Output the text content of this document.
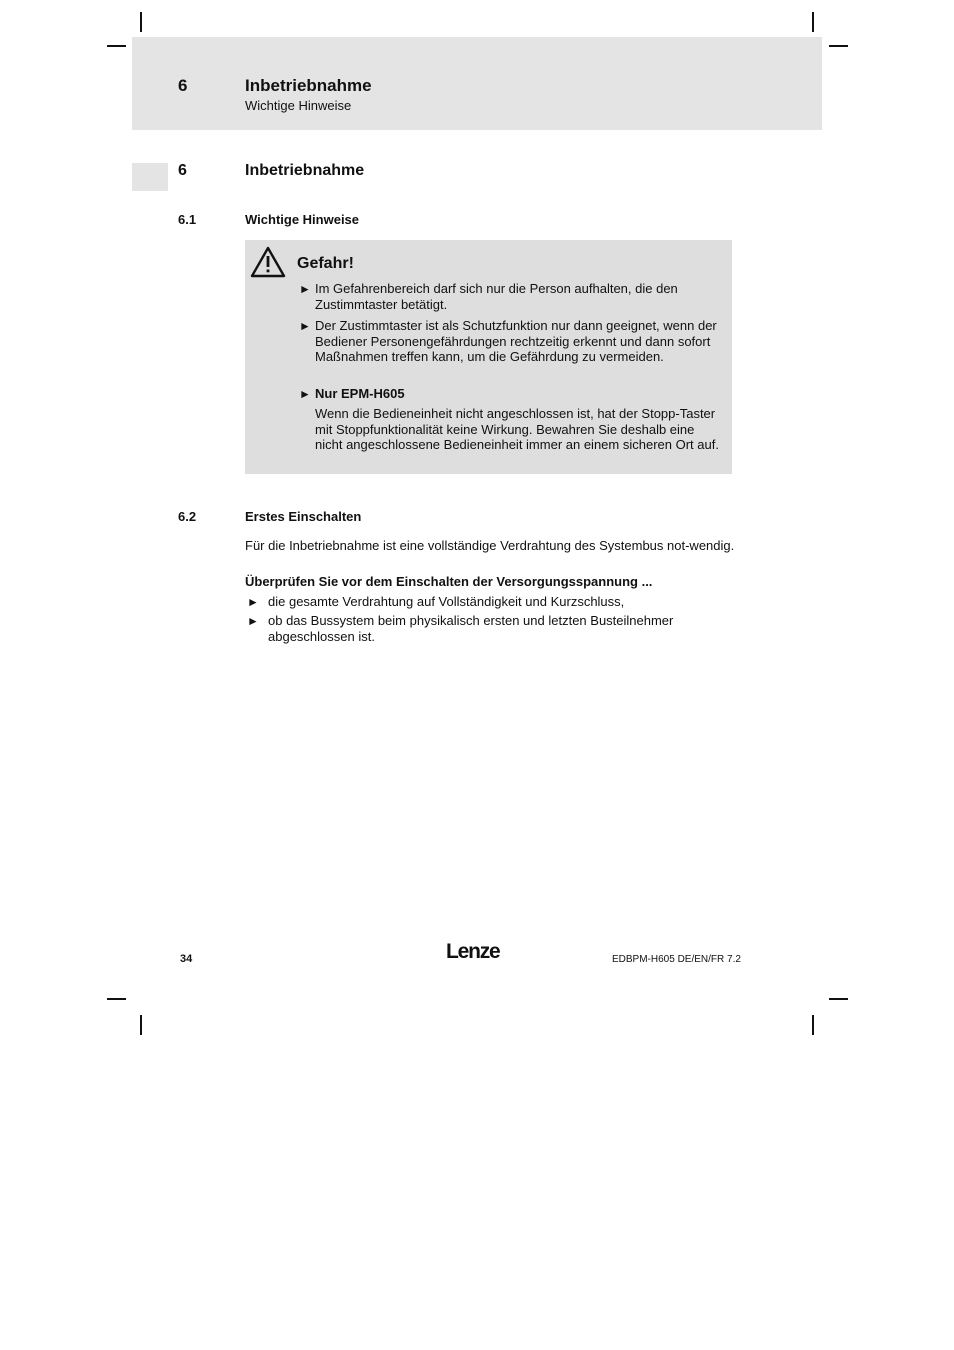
6	Inbetriebnahme
Wichtige Hinweise
6	Inbetriebnahme
6.1	Wichtige Hinweise
Gefahr!
► Im Gefahrenbereich darf sich nur die Person aufhalten, die den Zustimmtaster betätigt.
► Der Zustimmtaster ist als Schutzfunktion nur dann geeignet, wenn der Bediener Personengefährdungen rechtzeitig erkennt und dann sofort Maßnahmen treffen kann, um die Gefährdung zu vermeiden.
► Nur EPM-H605
Wenn die Bedieneinheit nicht angeschlossen ist, hat der Stopp-Taster mit Stoppfunktionalität keine Wirkung. Bewahren Sie deshalb eine nicht angeschlossene Bedieneinheit immer an einem sicheren Ort auf.
6.2	Erstes Einschalten
Für die Inbetriebnahme ist eine vollständige Verdrahtung des Systembus not-wendig.
Überprüfen Sie vor dem Einschalten der Versorgungsspannung ...
► die gesamte Verdrahtung auf Vollständigkeit und Kurzschluss,
► ob das Bussystem beim physikalisch ersten und letzten Busteilnehmer abgeschlossen ist.
34	Lenze	EDBPM-H605 DE/EN/FR 7.2
